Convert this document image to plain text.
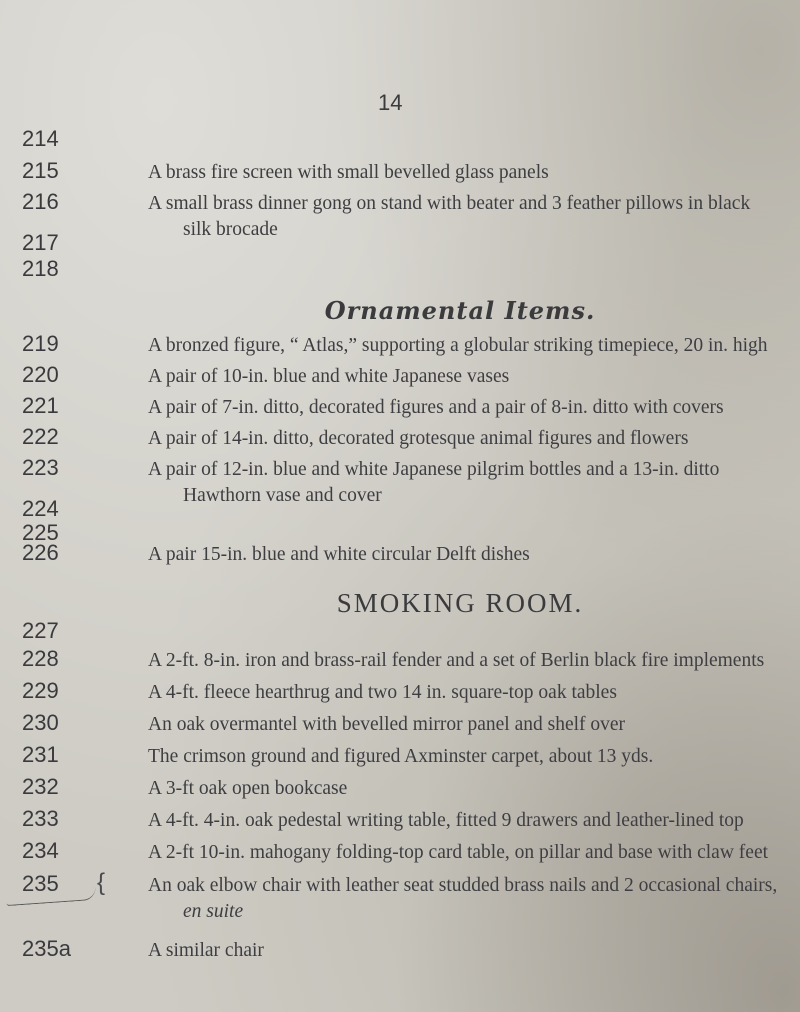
14
214
215	A brass fire screen with small bevelled glass panels
216	A small brass dinner gong on stand with beater and 3 feather pillows in black
silk brocade
217
218
Ornamental Items.
219	A bronzed figure, “ Atlas,” supporting a globular striking timepiece, 20 in. high
220	A pair of 10-in. blue and white Japanese vases
221	A pair of 7-in. ditto, decorated figures and a pair of 8-in. ditto with covers
222	A pair of 14-in. ditto, decorated grotesque animal figures and flowers
223	A pair of 12-in. blue and white Japanese pilgrim bottles and a 13-in. ditto
Hawthorn vase and cover
224
225
226	A pair 15-in. blue and white circular Delft dishes
SMOKING ROOM.
227
228	A 2-ft. 8-in. iron and brass-rail fender and a set of Berlin black fire implements
229	A 4-ft. fleece hearthrug and two 14 in. square-top oak tables
230	An oak overmantel with bevelled mirror panel and shelf over
231	The crimson ground and figured Axminster carpet, about 13 yds.
232	A 3-ft oak open bookcase
233	A 4-ft. 4-in. oak pedestal writing table, fitted 9 drawers and leather-lined top
234	A 2-ft 10-in. mahogany folding-top card table, on pillar and base with claw feet
235	An oak elbow chair with leather seat studded brass nails and 2 occasional chairs,
en suite
{
235a	A similar chair
